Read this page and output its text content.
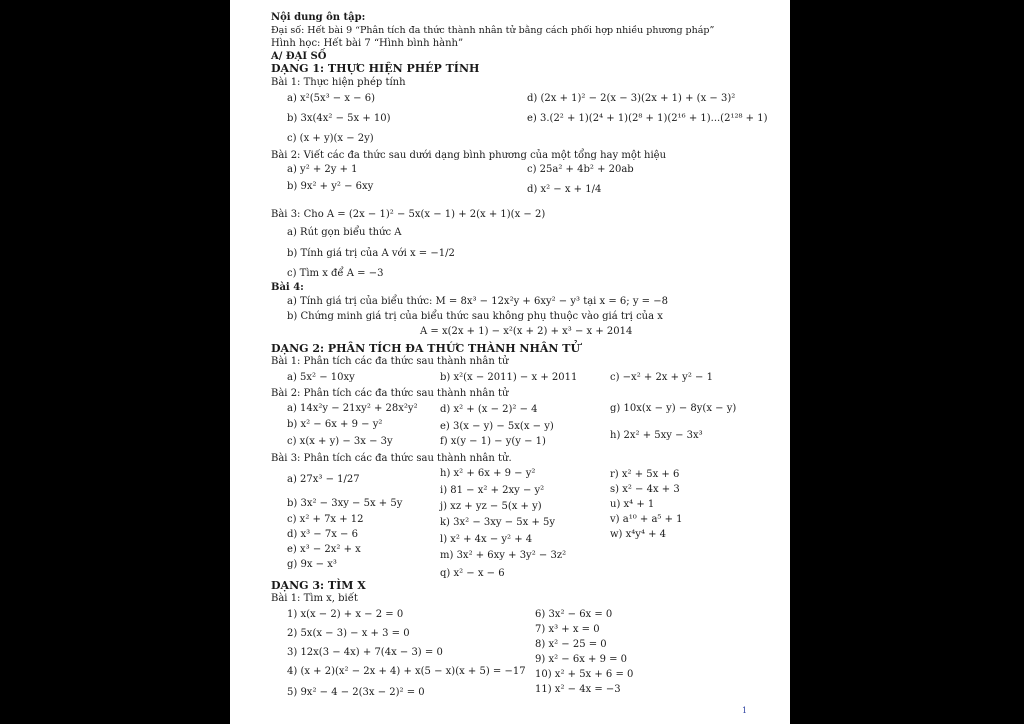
Nội dung ôn tập:
Đại số: Hết bài 9 “Phân tích đa thức thành nhân tử bằng cách phối hợp nhiều phương pháp”
Hình học: Hết bài 7 “Hình bình hành”
A/ ĐẠI SỐ
DẠNG 1: THỰC HIỆN PHÉP TÍNH
Bài 1: Thực hiện phép tính
a) x²(5x³ − x − 6)
b) 3x(4x² − 5x + 10)
c) (x + y)(x − 2y)
d) (2x + 1)² − 2(x − 3)(2x + 1) + (x − 3)²
e) 3.(2² + 1)(2⁴ + 1)(2⁸ + 1)(2¹⁶ + 1)...(2¹²⁸ + 1)
Bài 2: Viết các đa thức sau dưới dạng bình phương của một tổng hay một hiệu
a) y² + 2y + 1
b) 9x² + y² − 6xy
c) 25a² + 4b² + 20ab
d) x² − x + 1/4
Bài 3: Cho A = (2x − 1)² − 5x(x − 1) + 2(x + 1)(x − 2)
a) Rút gọn biểu thức A
b) Tính giá trị của A với x = −1/2
c) Tìm x để A = −3
Bài 4:
a) Tính giá trị của biểu thức: M = 8x³ − 12x²y + 6xy² − y³ tại x = 6; y = −8
b) Chứng minh giá trị của biểu thức sau không phụ thuộc vào giá trị của x
A = x(2x + 1) − x²(x + 2) + x³ − x + 2014
DẠNG 2: PHÂN TÍCH ĐA THỨC THÀNH NHÂN TỬ
Bài 1: Phân tích các đa thức sau thành nhân tử
a) 5x² − 10xy	b) x²(x − 2011) − x + 2011	c) −x² + 2x + y² − 1
Bài 2: Phân tích các đa thức sau thành nhân tử
a) 14x²y − 21xy² + 28x²y²
b) x² − 6x + 9 − y²
c) x(x + y) − 3x − 3y
d) x² + (x − 2)² − 4
e) 3(x − y) − 5x(x − y)
f) x(y − 1) − y(y − 1)
g) 10x(x − y) − 8y(x − y)
h) 2x² + 5xy − 3x³
Bài 3: Phân tích các đa thức sau thành nhân tử.
a) 27x³ − 1/27
b) 3x² − 3xy − 5x + 5y
c) x² + 7x + 12
d) x³ − 7x − 6
e) x³ − 2x² + x
g) 9x − x³
h) x² + 6x + 9 − y²
i) 81 − x² + 2xy − y²
j) xz + yz − 5(x + y)
k) 3x² − 3xy − 5x + 5y
l) x² + 4x − y² + 4
m) 3x² + 6xy + 3y² − 3z²
q) x² − x − 6
r) x² + 5x + 6
s) x² − 4x + 3
u) x⁴ + 1
v) a¹⁰ + a⁵ + 1
w) x⁴y⁴ + 4
DẠNG 3: TÌM X
Bài 1: Tìm x, biết
1) x(x − 2) + x − 2 = 0
2) 5x(x − 3) − x + 3 = 0
3) 12x(3 − 4x) + 7(4x − 3) = 0
4) (x + 2)(x² − 2x + 4) + x(5 − x)(x + 5) = −17
5) 9x² − 4 − 2(3x − 2)² = 0
6) 3x² − 6x = 0
7) x³ + x = 0
8) x² − 25 = 0
9) x² − 6x + 9 = 0
10) x² + 5x + 6 = 0
11) x² − 4x = −3
1
